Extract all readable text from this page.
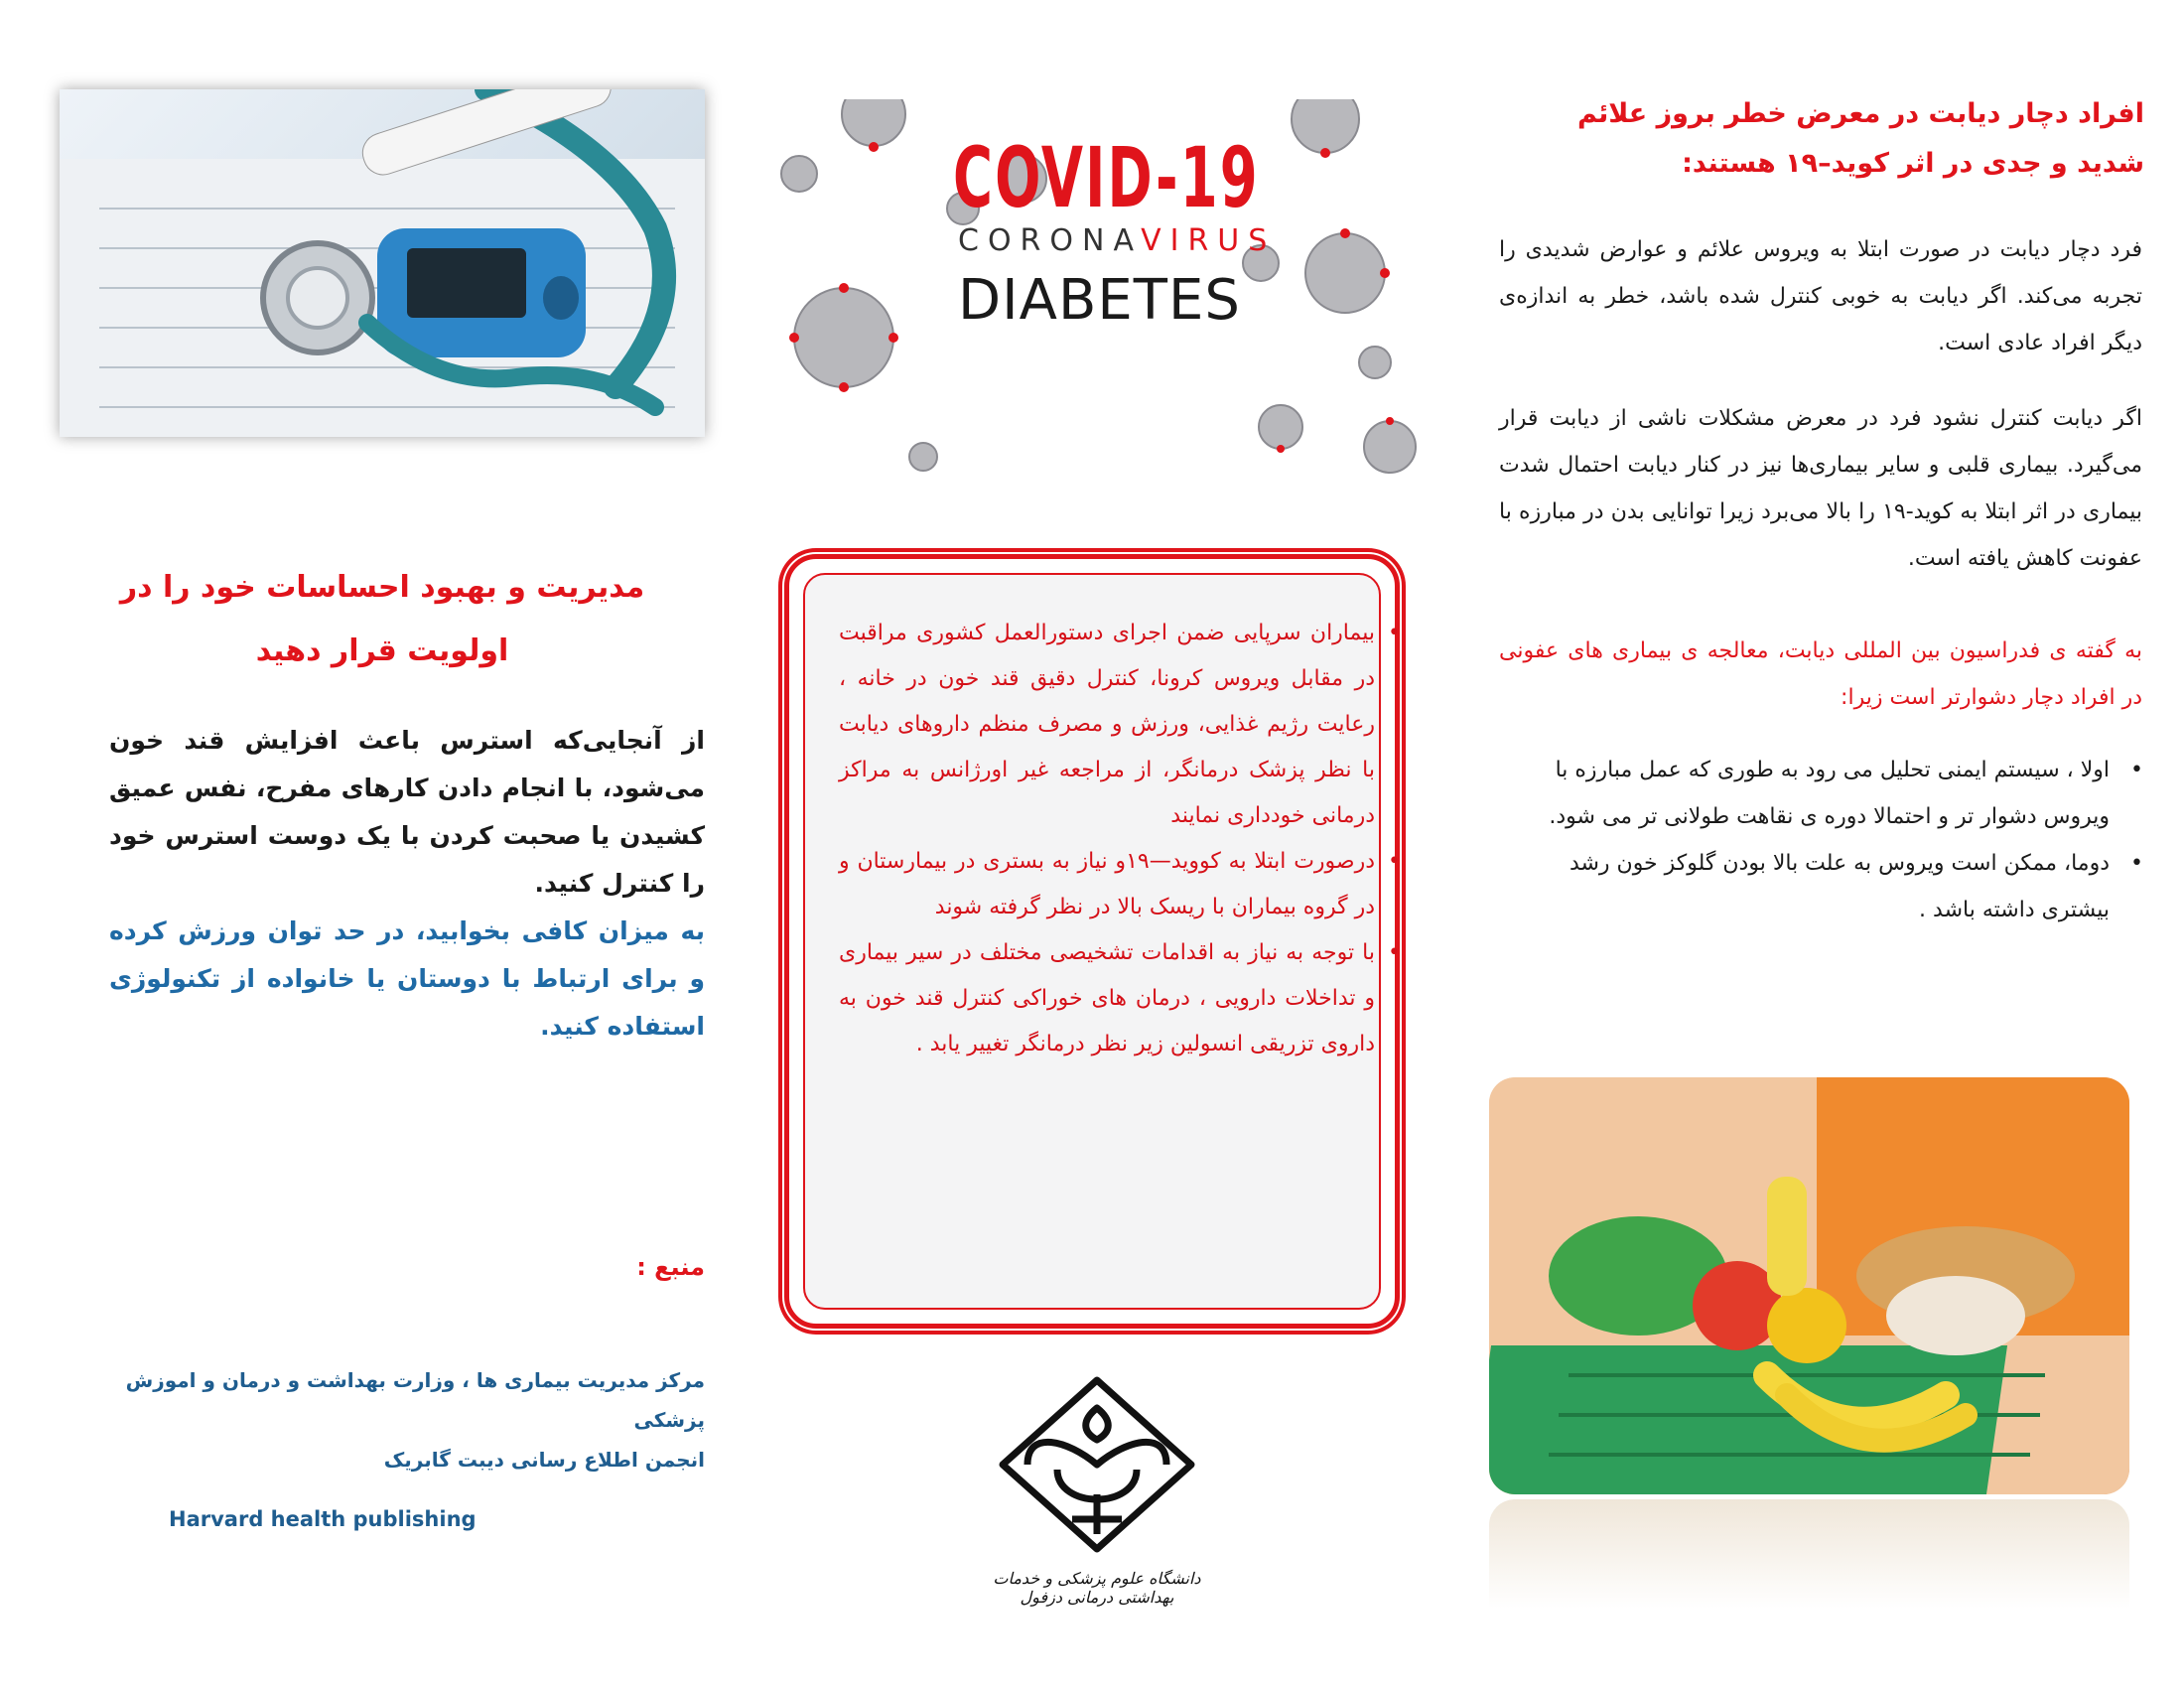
مدیریت و بهبود احساسات خود را در
اولویت قرار دهید
از آنجایی‌که استرس باعث افزایش قند خون می‌شود، با انجام دادن کارهای مفرح، نفس عمیق کشیدن یا صحبت کردن با یک دوست استرس خود را کنترل کنید.
به میزان کافی بخوابید، در حد توان ورزش کرده و برای ارتباط با دوستان یا خانواده از تکنولوژی استفاده کنید.
منبع :
مرکز مدیریت بیماری ها ، وزارت بهداشت و درمان و اموزش پزشکی
انجمن اطلاع رسانی دیبت گابریک
Harvard health publishing
COVID-19
CORONAVIRUS
DIABETES
• بیماران سرپایی ضمن اجرای دستورالعمل کشوری مراقبت در مقابل ویروس کرونا، کنترل دقیق قند خون در خانه ، رعایت رژیم غذایی، ورزش و مصرف منظم داروهای دیابت با نظر پزشک درمانگر، از مراجعه غیر اورژانس به مراکز درمانی خودداری نمایند
• درصورت ابتلا به کووید—۱۹و نیاز به بستری در بیمارستان و در گروه بیماران با ریسک بالا در نظر گرفته شوند
• با توجه به نیاز به اقدامات تشخیصی مختلف در سیر بیماری و تداخلات دارویی ، درمان های خوراکی کنترل قند خون به داروی تزریقی انسولین زیر نظر درمانگر تغییر یابد .
دانشگاه علوم پزشکی و خدمات بهداشتی درمانی دزفول
افراد دچار دیابت در معرض خطر بروز علائم شدید و جدی در اثر کوید–۱۹ هستند:
فرد دچار دیابت در صورت ابتلا به ویروس علائم و عوارض شدیدی را تجربه می‌کند. اگر دیابت به خوبی کنترل شده باشد، خطر به اندازه‌ی دیگر افراد عادی است.
اگر دیابت کنترل نشود فرد در معرض مشکلات ناشی از دیابت قرار می‌گیرد. بیماری قلبی و سایر بیماری‌ها نیز در کنار دیابت احتمال شدت بیماری در اثر ابتلا به کوید-۱۹ را بالا می‌برد زیرا توانایی بدن در مبارزه با عفونت کاهش یافته است.
به گفته ی فدراسیون بین المللی دیابت، معالجه ی بیماری های عفونی در افراد دچار دشوارتر است زیرا:
• اولا ، سیستم ایمنی تحلیل می رود به طوری که عمل مبارزه با ویروس دشوار تر و احتمالا دوره ی نقاهت طولانی تر می شود.
• دوما، ممکن است ویروس به علت بالا بودن گلوکز خون رشد بیشتری داشته باشد .
